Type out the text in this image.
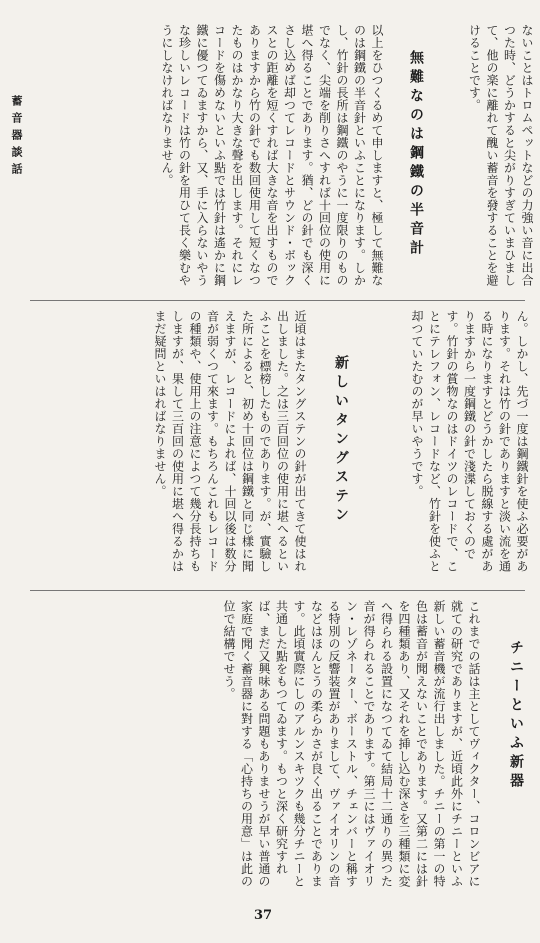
蓄音器談話	ないことはトロムペットなどの力強い音に出合つた時、どうかすると尖がりすぎていまひまして、他の楽に離れて醜い蓄音を發することを避けることです。
無難なのは鋼鐵の半音計
以上をひつくるめて申しますと、極して無難なのは鋼鐵の半音針といふことになります。しかし、竹針の長所は鋼鐵のやうに一度限りのものでなく、尖端を削りさへすれば十回位の使用に堪へ得ることであります。猶、どの針でも深くさし込めば却つてレコードとサウンド・ボックスとの距離を短くすれば大きな音を出すものでありますから竹の針でも数回使用して短くなつたものはかなり大きな聲を出します。それにレコードを傷めないといふ點では竹針は遙かに鋼鐵に優つてゐますから、又、手に入らないやうな珍しいレコードは竹の針を用ひて長く樂むやうにしなければなりません。
ん。しかし、先づ一度は鋼鐵針を使ふ必要があります。それは竹の針でありますと淡い流を通る時になりますとどうかしたら脱線する處がありますから一度鋼鐵の針で淺渫しておくのです。竹針の賞物なのはドイツのレコードで、ことにテレフォン、レコードなど、竹針を使ふと却つていたむのが早いやうです。
新しいタングステン
近頃はまたタングステンの針が出てきて使はれ出しました。之は三百回位の使用に堪へるといふことを標榜したものであります。が、實驗した所によると、初め十回位は鋼鐵と同じ樣に聞えますが、レコードによれば、十回以後は数分音が弱くつて來ます。もちろんこれもレコードの種類や、使用上の注意によつて幾分長持ちもしますが、果して三百回の使用に堪へ得るかはまだ疑問といはればなりません。
チニーといふ新器
これまでの話は主としてヴィクター、コロンビアに就ての研究でありますが、近頃此外にチニーといふ新しい蓄音機が流行出しました。チニーの第一の特色は蓄音が聞えないことであります。又第二には針を四種類あり、又それを挿し込む深さを三種類に変へ得られる設置になつてゐて結局十二通りの異つた音が得られることであります。第三にはヴァイオリン・レゾネーター、ボーストル、チェンバーと稱する特別の反響装置がありまして、ヴァイオリンの音などはほんとうの柔らかさが良く出ることであります。此頃實際にしのアルンスキツクも幾分チニーと共通した點をもつてゐます。もつと深く研究すれば、まだ又興味ある問題もありませうが早い普通の家庭で聞く蓄音器に對する「心持ちの用意」は此の位で結構でせう。
37
